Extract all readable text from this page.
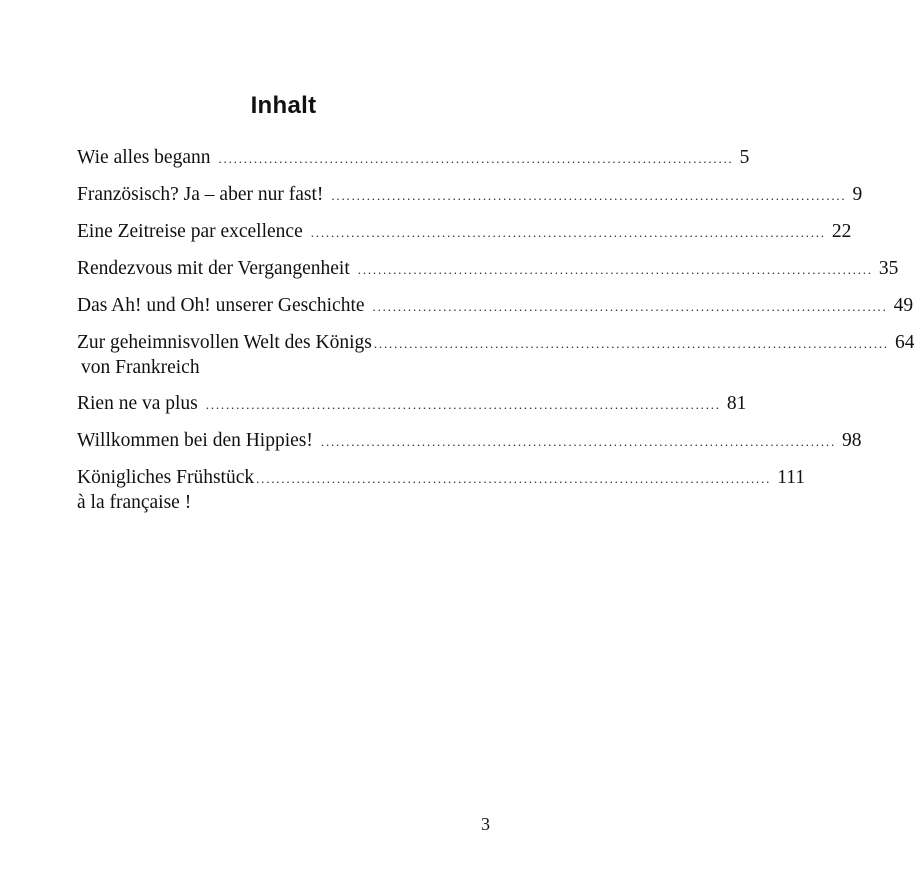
Inhalt
Wie alles begann ...................................................................................................... 5
Französisch? Ja – aber nur fast! ...................................................................................................... 9
Eine Zeitreise par excellence ...................................................................................................... 22
Rendezvous mit der Vergangenheit ...................................................................................................... 35
Das Ah! und Oh! unserer Geschichte ...................................................................................................... 49
Zur geheimnisvollen Welt des Königs ...................................................................................................... 64
von Frankreich
Rien ne va plus ...................................................................................................... 81
Willkommen bei den Hippies! ...................................................................................................... 98
Königliches Frühstück ...................................................................................................... 111
à la française !

3
